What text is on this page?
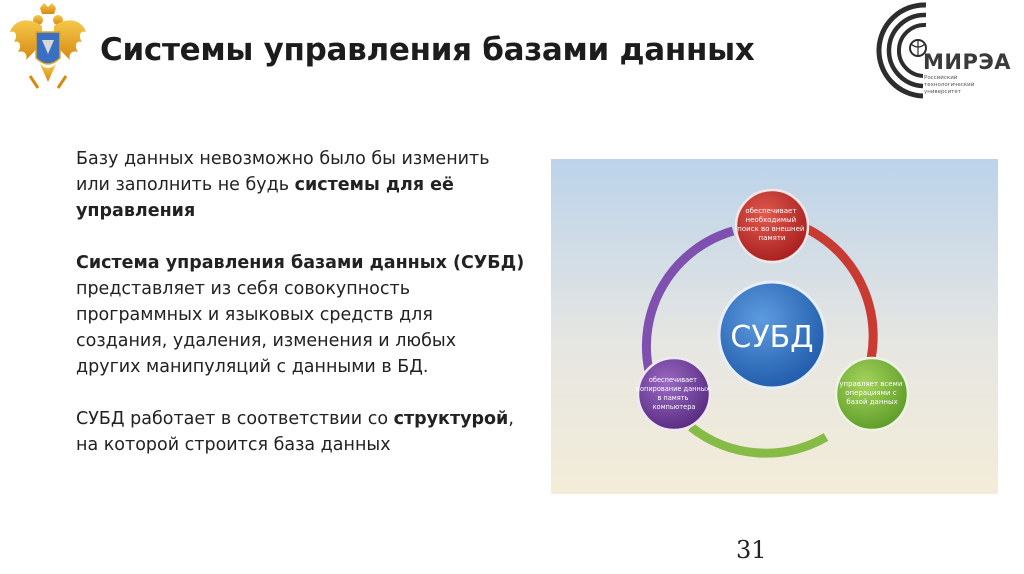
Системы управления базами данных	МИРЭА
Российский технологический университет

Базу данных невозможно было бы изменить или заполнить не будь системы для её управления

Система управления базами данных (СУБД) представляет из себя совокупность программных и языковых средств для создания, удаления, изменения и любых других манипуляций с данными в БД.

СУБД работает в соответствии со структурой, на которой строится база данных

СУБД
обеспечивает необходимый поиск во внешней памяти
управляет всеми операциями с базой данных
обеспечивает копирование данных в память компьютера
31
